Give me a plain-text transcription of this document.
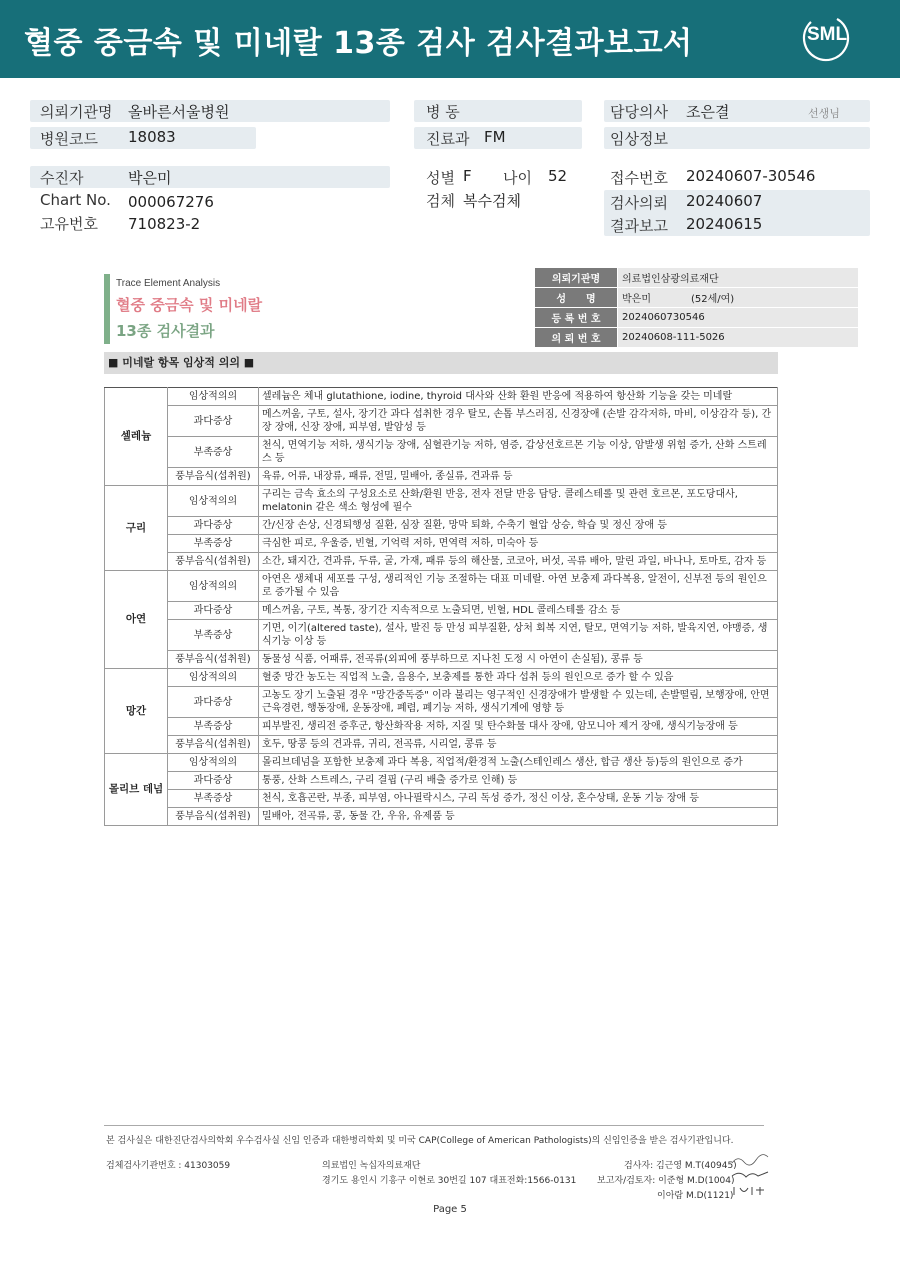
혈중 중금속 및 미네랄 13종 검사 검사결과보고서	SML
의뢰기관명 올바른서울병원
병원코드 18083
병 동
진료과 FM
담당의사 조은결	선생님
임상정보
수진자	박은미
Chart No. 000067276
고유번호 710823-2
성별 F 나이 52
검체 복수검체
접수번호 20240607-30546
검사의뢰 20240607
결과보고 20240615
Trace Element Analysis
혈중 중금속 및 미네랄
13종 검사결과
의뢰기관명	의료법인삼광의료재단
성　　명	박은미　　　　(52세/여)
등 록 번 호	2024060730546
의 뢰 번 호	20240608-111-5026
■ 미네랄 항목 임상적 의의 ■
셀레늄	임상적의의	셀레늄은 체내 glutathione, iodine, thyroid 대사와 산화 환원 반응에 적용하여 항산화 기능을 갖는 미네랄
	과다증상	메스꺼움, 구토, 설사, 장기간 과다 섭취한 경우 탈모, 손톱 부스러짐, 신경장애 (손발 감각저하, 마비, 이상감각 등), 간장 장애, 신장 장애, 피부염, 발암성 등
	부족증상	천식, 면역기능 저하, 생식기능 장애, 심혈관기능 저하, 염증, 갑상선호르몬 기능 이상, 암발생 위험 증가, 산화 스트레스 등
	풍부음식(섭취원)	육류, 어류, 내장류, 패류, 전밀, 밀배아, 종실류, 견과류 등
구리	임상적의의	구리는 금속 효소의 구성요소로 산화/환원 반응, 전자 전달 반응 담당. 콜레스테롤 및 관련 호르몬, 포도당대사, melatonin 같은 색소 형성에 필수
	과다증상	간/신장 손상, 신경퇴행성 질환, 심장 질환, 망막 퇴화, 수축기 혈압 상승, 학습 및 정신 장애 등
	부족증상	극심한 피로, 우울증, 빈혈, 기억력 저하, 면역력 저하, 미숙아 등
	풍부음식(섭취원)	소간, 돼지간, 견과류, 두류, 굴, 가재, 패류 등의 해산물, 코코아, 버섯, 곡류 배아, 말린 과일, 바나나, 토마토, 감자 등
아연	임상적의의	아연은 생체내 세포를 구성, 생리적인 기능 조절하는 대표 미네랄. 아연 보충제 과다복용, 알전이, 신부전 등의 원인으로 증가될 수 있음
	과다증상	메스꺼움, 구토, 복통, 장기간 지속적으로 노출되면, 빈혈, HDL 콜레스테롤 감소 등
	부족증상	기면, 이기(altered taste), 설사, 발진 등 만성 피부질환, 상처 회복 지연, 탈모, 면역기능 저하, 발육지연, 야맹증, 생식기능 이상 등
	풍부음식(섭취원)	동물성 식품, 어패류, 전곡류(외피에 풍부하므로 지나친 도정 시 아연이 손실됨), 콩류 등
망간	임상적의의	혈중 망간 농도는 직업적 노출, 음용수, 보충제를 통한 과다 섭취 등의 원인으로 증가 할 수 있음
	과다증상	고농도 장기 노출된 경우 "망간중독증" 이라 불리는 영구적인 신경장애가 발생할 수 있는데, 손발떨림, 보행장애, 안면근육경련, 행동장애, 운동장애, 폐렴, 폐기능 저하, 생식기계에 영향 등
	부족증상	피부발진, 생리전 증후군, 항산화작용 저하, 지질 및 탄수화물 대사 장애, 암모니아 제거 장애, 생식기능장애 등
	풍부음식(섭취원)	호두, 땅콩 등의 견과류, 귀리, 전곡류, 시리얼, 콩류 등
몰리브 데넘	임상적의의	몰리브데넘을 포함한 보충제 과다 복용, 직업적/환경적 노출(스테인레스 생산, 합금 생산 등)등의 원인으로 증가
	과다증상	통풍, 산화 스트레스, 구리 결핍 (구리 배출 증가로 인해) 등
	부족증상	천식, 호흡곤란, 부종, 피부염, 아나필락시스, 구리 독성 증가, 정신 이상, 혼수상태, 운동 기능 장애 등
	풍부음식(섭취원)	밀배아, 전곡류, 콩, 동물 간, 우유, 유제품 등
본 검사실은 대한진단검사의학회 우수검사실 신임 인증과 대한병리학회 및 미국 CAP(College of American Pathologists)의 신임인증을 받은 검사기관입니다.
검체검사기관번호 : 41303059	의료법인 녹십자의료재단
경기도 용인시 기흥구 이현로 30번길 107 대표전화:1566-0131
검사자: 김근영 M.T(40945)
보고자/검토자: 이준형 M.D(1004)
이아람 M.D(1121)
Page 5
